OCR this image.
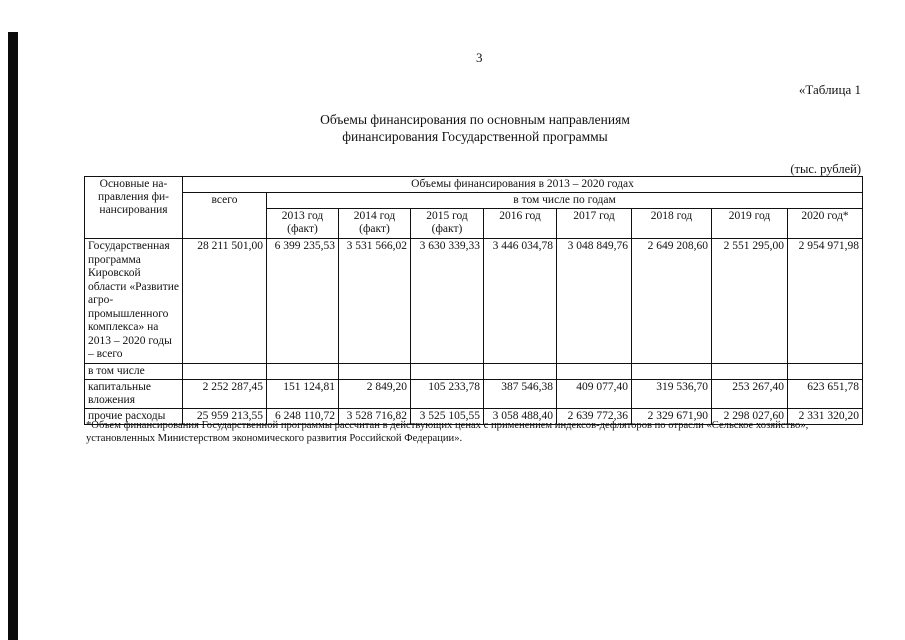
3
«Таблица 1
Объемы финансирования по основным направлениям
финансирования Государственной программы
(тыс. рублей)
Основные на-правления фи-нансирования	Объемы финансирования в 2013 – 2020 годах								
	всего	в том числе по годам							
		2013 год (факт)	2014 год (факт)	2015 год (факт)	2016 год	2017 год	2018 год	2019 год	2020 год*
Государственная программа Кировской области «Развитие агро-промышленного комплекса» на 2013 – 2020 годы – всего	28 211 501,00	6 399 235,53	3 531 566,02	3 630 339,33	3 446 034,78	3 048 849,76	2 649 208,60	2 551 295,00	2 954 971,98
в том числе									
капитальные вложения	2 252 287,45	151 124,81	2 849,20	105 233,78	387 546,38	409 077,40	319 536,70	253 267,40	623 651,78
прочие расходы	25 959 213,55	6 248 110,72	3 528 716,82	3 525 105,55	3 058 488,40	2 639 772,36	2 329 671,90	2 298 027,60	2 331 320,20
*Объем финансирования Государственной программы рассчитан в действующих ценах с применением индексов-дефляторов по отрасли «Сельское хозяйство», установленных Министерством экономического развития Российской Федерации».
